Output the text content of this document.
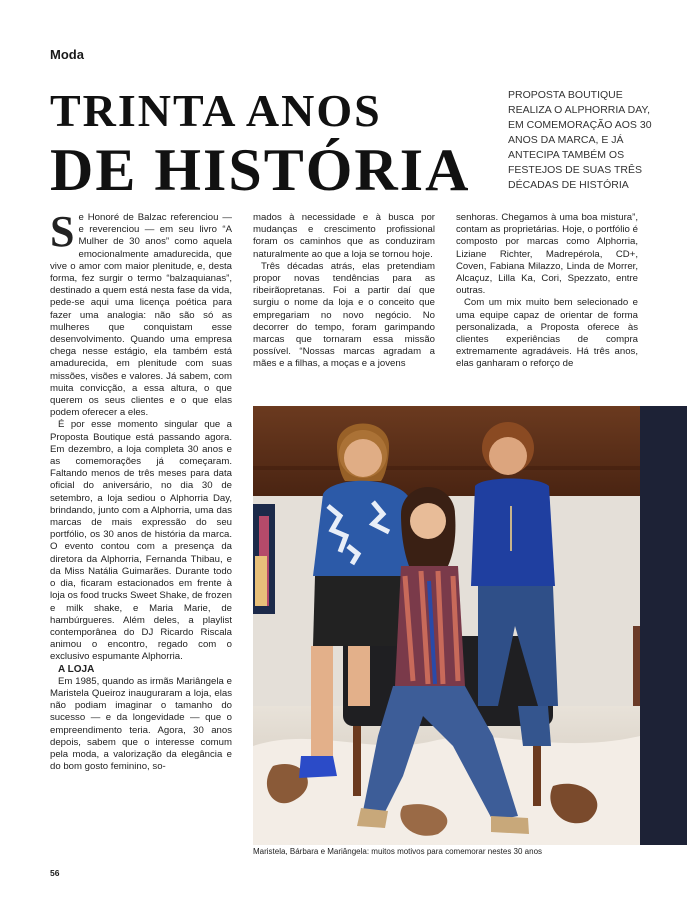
Moda
TRINTA ANOS
DE HISTÓRIA

PROPOSTA BOUTIQUE REALIZA O ALPHORRIA DAY, EM COMEMORAÇÃO AOS 30 ANOS DA MARCA, E JÁ ANTECIPA TAMBÉM OS FESTEJOS DE SUAS TRÊS DÉCADAS DE HISTÓRIA

Se Honoré de Balzac referenciou — e reverenciou — em seu livro “A Mulher de 30 anos” como aquela emocionalmente amadurecida, que vive o amor com maior plenitude, e, desta forma, fez surgir o termo “balzaquianas”, destinado a quem está nesta fase da vida, pede-se aqui uma licença poética para fazer uma analogia: não são só as mulheres que conquistam esse desenvolvimento. Quando uma empresa chega nesse estágio, ela também está amadurecida, em plenitude com suas missões, visões e valores. Já sabem, com muita convicção, a essa altura, o que querem os seus clientes e o que elas podem oferecer a eles.

É por esse momento singular que a Proposta Boutique está passando agora. Em dezembro, a loja completa 30 anos e as comemorações já começaram. Faltando menos de três meses para data oficial do aniversário, no dia 30 de setembro, a loja sediou o Alphorria Day, brindando, junto com a Alphorria, uma das marcas de mais expressão do seu portfólio, os 30 anos de história da marca. O evento contou com a presença da diretora da Alphorria, Fernanda Thibau, e da Miss Natália Guimarães. Durante todo o dia, ficaram estacionados em frente à loja os food trucks Sweet Shake, de frozen e milk shake, e Maria Marie, de hambúrgueres. Além deles, a playlist contemporânea do DJ Ricardo Riscala animou o encontro, regado com o exclusivo espumante Alphorria.

A LOJA

Em 1985, quando as irmãs Mariângela e Maristela Queiroz inauguraram a loja, elas não podiam imaginar o tamanho do sucesso — e da longevidade — que o empreendimento teria. Agora, 30 anos depois, sabem que o interesse comum pela moda, a valorização da elegância e do bom gosto feminino, so-

mados à necessidade e à busca por mudanças e crescimento profissional foram os caminhos que as conduziram naturalmente ao que a loja se tornou hoje.

Três décadas atrás, elas pretendiam propor novas tendências para as ribeirãopretanas. Foi a partir daí que surgiu o nome da loja e o conceito que empregariam no novo negócio. No decorrer do tempo, foram garimpando marcas que tornaram essa missão possível. “Nossas marcas agradam a mães e a filhas, a moças e a jovens

senhoras. Chegamos à uma boa mistura”, contam as proprietárias. Hoje, o portfólio é composto por marcas como Alphorria, Liziane Richter, Madrepérola, CD+, Coven, Fabiana Milazzo, Linda de Morrer, Alcaçuz, Lilla Ka, Cori, Spezzato, entre outras.

Com um mix muito bem selecionado e uma equipe capaz de orientar de forma personalizada, a Proposta oferece às clientes experiências de compra extremamente agradáveis. Há três anos, elas ganharam o reforço de

Maristela, Bárbara e Mariângela: muitos motivos para comemorar nestes 30 anos
56
